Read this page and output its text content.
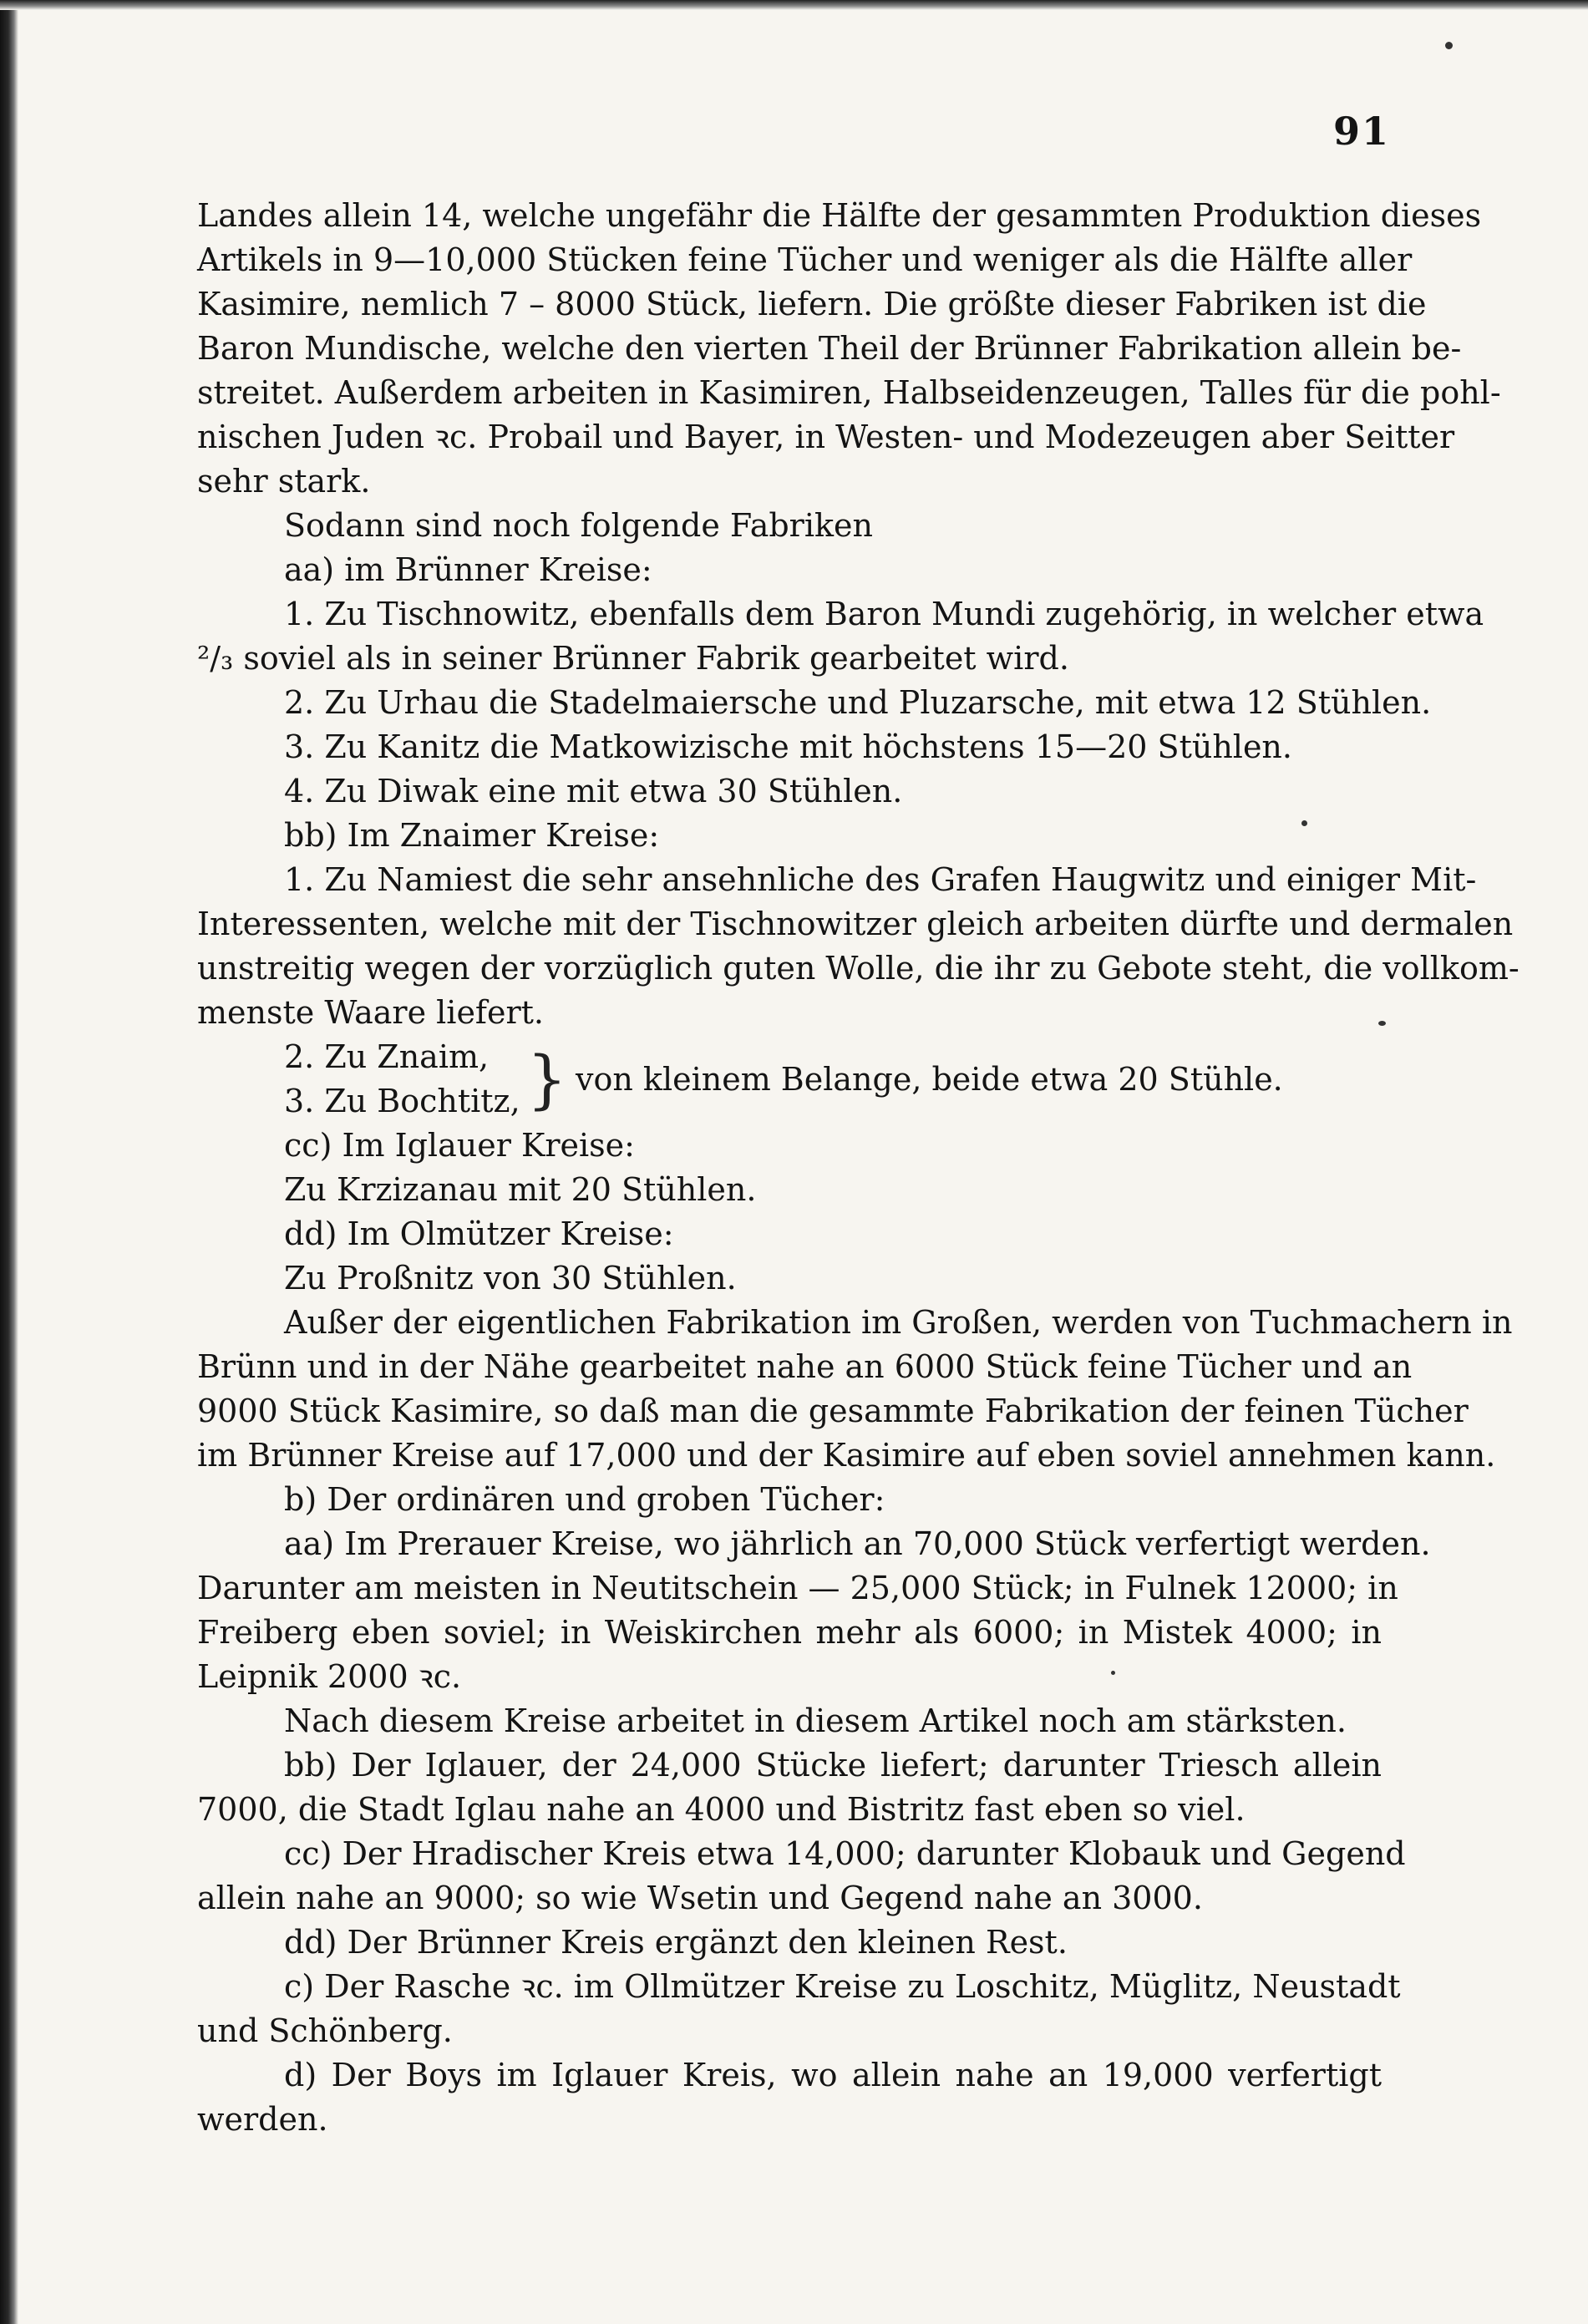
91
Landes allein 14, welche ungefähr die Hälfte der gesammten Produktion dieses
Artikels in 9—10,000 Stücken feine Tücher und weniger als die Hälfte aller
Kasimire, nemlich 7 – 8000 Stück, liefern. Die größte dieser Fabriken ist die
Baron Mundische, welche den vierten Theil der Brünner Fabrikation allein be-
streitet. Außerdem arbeiten in Kasimiren, Halbseidenzeugen, Talles für die pohl-
nischen Juden ꝛc. Probail und Bayer, in Westen- und Modezeugen aber Seitter
sehr stark.
Sodann sind noch folgende Fabriken
aa) im Brünner Kreise:
1. Zu Tischnowitz, ebenfalls dem Baron Mundi zugehörig, in welcher etwa
²/₃ soviel als in seiner Brünner Fabrik gearbeitet wird.
2. Zu Urhau die Stadelmaiersche und Pluzarsche, mit etwa 12 Stühlen.
3. Zu Kanitz die Matkowizische mit höchstens 15—20 Stühlen.
4. Zu Diwak eine mit etwa 30 Stühlen.
bb) Im Znaimer Kreise:
1. Zu Namiest die sehr ansehnliche des Grafen Haugwitz und einiger Mit-
Interessenten, welche mit der Tischnowitzer gleich arbeiten dürfte und dermalen
unstreitig wegen der vorzüglich guten Wolle, die ihr zu Gebote steht, die vollkom-
menste Waare liefert.
2. Zu Znaim,
3. Zu Bochtitz, } von kleinem Belange, beide etwa 20 Stühle.
cc) Im Iglauer Kreise:
Zu Krzizanau mit 20 Stühlen.
dd) Im Olmützer Kreise:
Zu Proßnitz von 30 Stühlen.
Außer der eigentlichen Fabrikation im Großen, werden von Tuchmachern in
Brünn und in der Nähe gearbeitet nahe an 6000 Stück feine Tücher und an
9000 Stück Kasimire, so daß man die gesammte Fabrikation der feinen Tücher
im Brünner Kreise auf 17,000 und der Kasimire auf eben soviel annehmen kann.
b) Der ordinären und groben Tücher:
aa) Im Prerauer Kreise, wo jährlich an 70,000 Stück verfertigt werden.
Darunter am meisten in Neutitschein — 25,000 Stück; in Fulnek 12000; in
Freiberg eben soviel; in Weiskirchen mehr als 6000; in Mistek 4000; in
Leipnik 2000 ꝛc.
Nach diesem Kreise arbeitet in diesem Artikel noch am stärksten.
bb) Der Iglauer, der 24,000 Stücke liefert; darunter Triesch allein
7000, die Stadt Iglau nahe an 4000 und Bistritz fast eben so viel.
cc) Der Hradischer Kreis etwa 14,000; darunter Klobauk und Gegend
allein nahe an 9000; so wie Wsetin und Gegend nahe an 3000.
dd) Der Brünner Kreis ergänzt den kleinen Rest.
c) Der Rasche ꝛc. im Ollmützer Kreise zu Loschitz, Müglitz, Neustadt
und Schönberg.
d) Der Boys im Iglauer Kreis, wo allein nahe an 19,000 verfertigt
werden.
